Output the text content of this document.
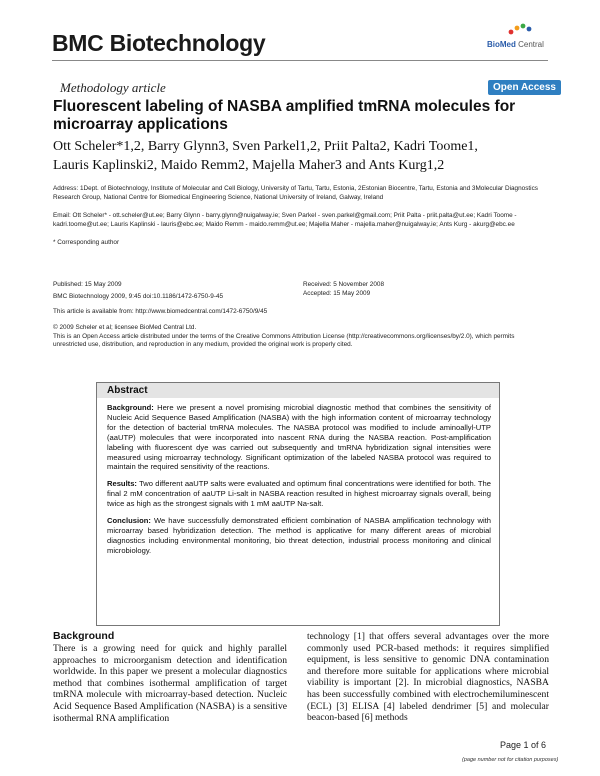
BMC Biotechnology	BioMed Central
Methodology article	Open Access
Fluorescent labeling of NASBA amplified tmRNA molecules for microarray applications
Ott Scheler*1,2, Barry Glynn3, Sven Parkel1,2, Priit Palta2, Kadri Toome1,
Lauris Kaplinski2, Maido Remm2, Majella Maher3 and Ants Kurg1,2
Address: 1Dept. of Biotechnology, Institute of Molecular and Cell Biology, University of Tartu, Tartu, Estonia, 2Estonian Biocentre, Tartu, Estonia and 3Molecular Diagnostics Research Group, National Centre for Biomedical Engineering Science, National University of Ireland, Galway, Ireland
Email: Ott Scheler* - ott.scheler@ut.ee; Barry Glynn - barry.glynn@nuigalway.ie; Sven Parkel - sven.parkel@gmail.com; Priit Palta - priit.palta@ut.ee; Kadri Toome - kadri.toome@ut.ee; Lauris Kaplinski - lauris@ebc.ee; Maido Remm - maido.remm@ut.ee; Majella Maher - majella.maher@nuigalway.ie; Ants Kurg - akurg@ebc.ee
* Corresponding author
Published: 15 May 2009
BMC Biotechnology 2009, 9:45 doi:10.1186/1472-6750-9-45
Received: 5 November 2008
Accepted: 15 May 2009
This article is available from: http://www.biomedcentral.com/1472-6750/9/45
© 2009 Scheler et al; licensee BioMed Central Ltd.
This is an Open Access article distributed under the terms of the Creative Commons Attribution License (http://creativecommons.org/licenses/by/2.0), which permits unrestricted use, distribution, and reproduction in any medium, provided the original work is properly cited.
Abstract

Background: Here we present a novel promising microbial diagnostic method that combines the sensitivity of Nucleic Acid Sequence Based Amplification (NASBA) with the high information content of microarray technology for the detection of bacterial tmRNA molecules. The NASBA protocol was modified to include aminoallyl-UTP (aaUTP) molecules that were incorporated into nascent RNA during the NASBA reaction. Post-amplification labeling with fluorescent dye was carried out subsequently and tmRNA hybridization signal intensities were measured using microarray technology. Significant optimization of the labeled NASBA protocol was required to maintain the required sensitivity of the reactions.

Results: Two different aaUTP salts were evaluated and optimum final concentrations were identified for both. The final 2 mM concentration of aaUTP Li-salt in NASBA reaction resulted in highest microarray signals overall, being twice as high as the strongest signals with 1 mM aaUTP Na-salt.

Conclusion: We have successfully demonstrated efficient combination of NASBA amplification technology with microarray based hybridization detection. The method is applicative for many different areas of microbial diagnostics including environmental monitoring, bio threat detection, industrial process monitoring and clinical microbiology.

Background
There is a growing need for quick and highly parallel approaches to microorganism detection and identification worldwide. In this paper we present a molecular diagnostics method that combines isothermal amplification of target tmRNA molecule with microarray-based detection. Nucleic Acid Sequence Based Amplification (NASBA) is a sensitive isothermal RNA amplification
technology [1] that offers several advantages over the more commonly used PCR-based methods: it requires simplified equipment, is less sensitive to genomic DNA contamination and therefore more suitable for applications where microbial viability is important [2]. In microbial diagnostics, NASBA has been successfully combined with electrochemiluminescent (ECL) [3] ELISA [4] labeled dendrimer [5] and molecular beacon-based [6] methods
Page 1 of 6
(page number not for citation purposes)
